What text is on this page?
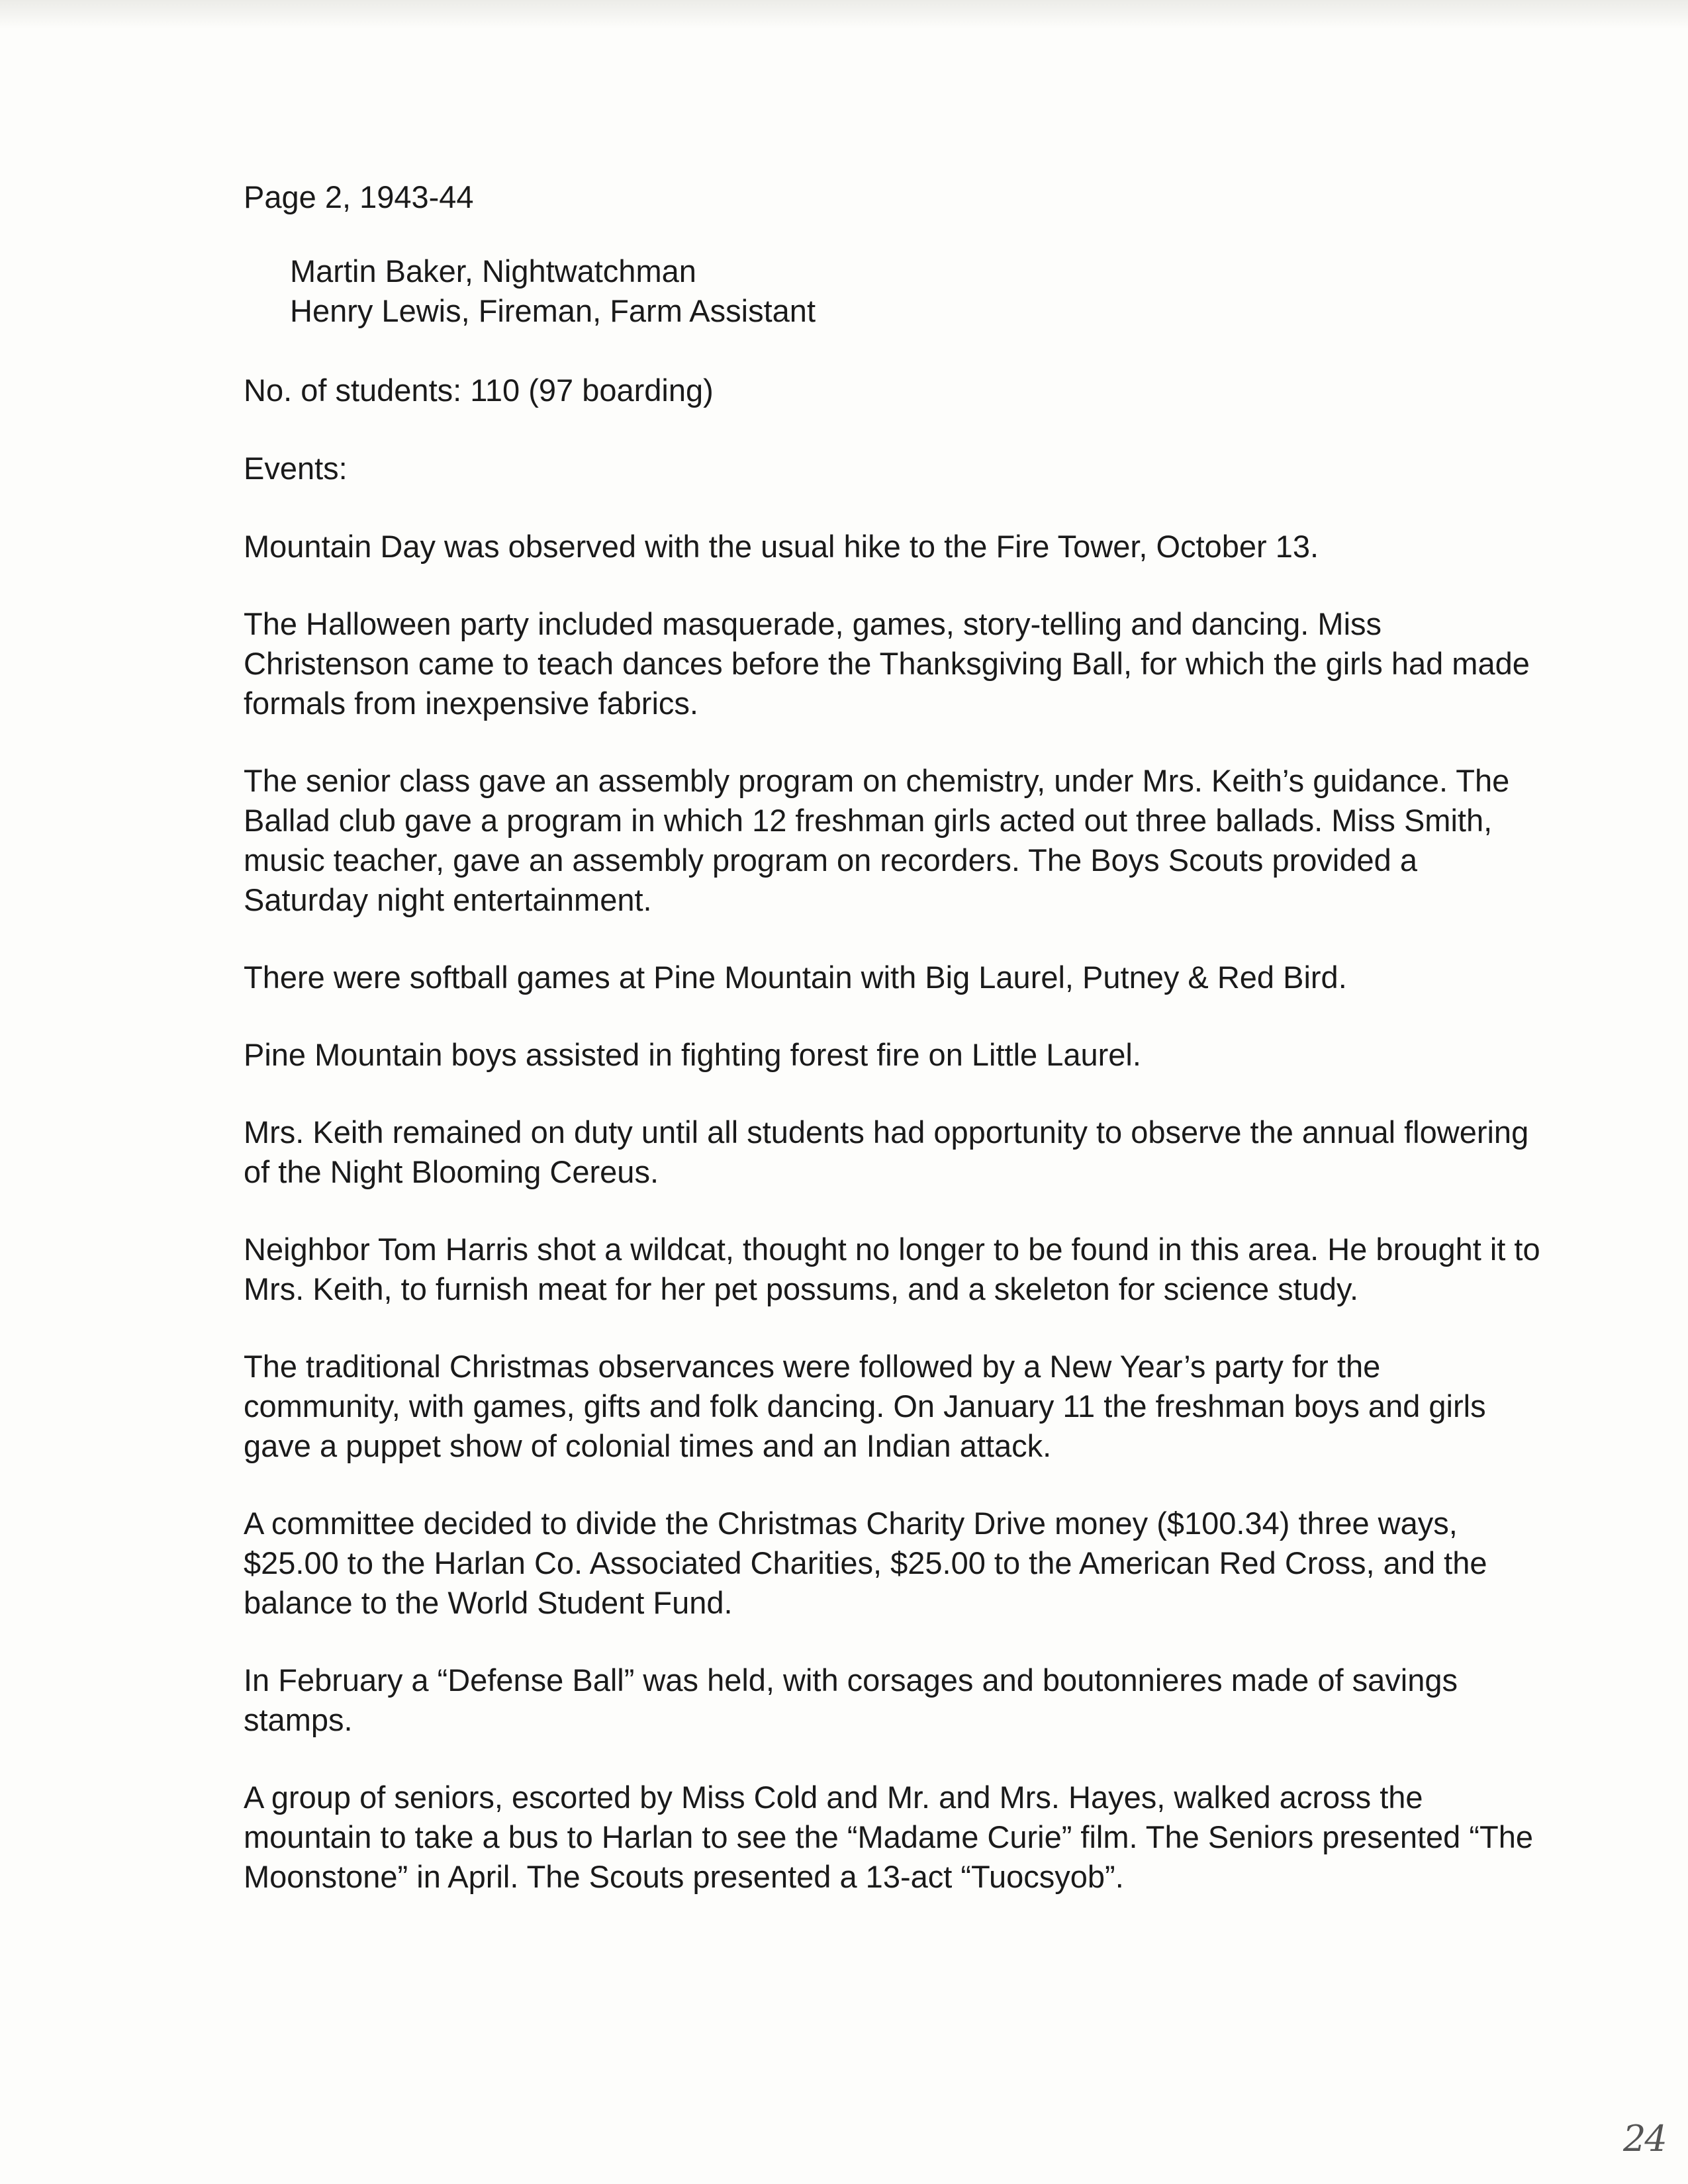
Page 2, 1943-44
Martin Baker, Nightwatchman
Henry Lewis, Fireman, Farm Assistant
No. of students: 110 (97 boarding)
Events:
Mountain Day was observed with the usual hike to the Fire Tower, October 13.
The Halloween party included masquerade, games, story-telling and dancing. Miss Christenson came to teach dances before the Thanksgiving Ball, for which the girls had made formals from inexpensive fabrics.
The senior class gave an assembly program on chemistry, under Mrs. Keith’s guidance. The Ballad club gave a program in which 12 freshman girls acted out three ballads. Miss Smith, music teacher, gave an assembly program on recorders. The Boys Scouts provided a Saturday night entertainment.
There were softball games at Pine Mountain with Big Laurel, Putney & Red Bird.
Pine Mountain boys assisted in fighting forest fire on Little Laurel.
Mrs. Keith remained on duty until all students had opportunity to observe the annual flowering of the Night Blooming Cereus.
Neighbor Tom Harris shot a wildcat, thought no longer to be found in this area. He brought it to Mrs. Keith, to furnish meat for her pet possums, and a skeleton for science study.
The traditional Christmas observances were followed by a New Year’s party for the community, with games, gifts and folk dancing. On January 11 the freshman boys and girls gave a puppet show of colonial times and an Indian attack.
A committee decided to divide the Christmas Charity Drive money ($100.34) three ways, $25.00 to the Harlan Co. Associated Charities, $25.00 to the American Red Cross, and the balance to the World Student Fund.
In February a “Defense Ball” was held, with corsages and boutonnieres made of savings stamps.
A group of seniors, escorted by Miss Cold and Mr. and Mrs. Hayes, walked across the mountain to take a bus to Harlan to see the “Madame Curie” film. The Seniors presented “The Moonstone” in April. The Scouts presented a 13-act “Tuocsyob”.
24
